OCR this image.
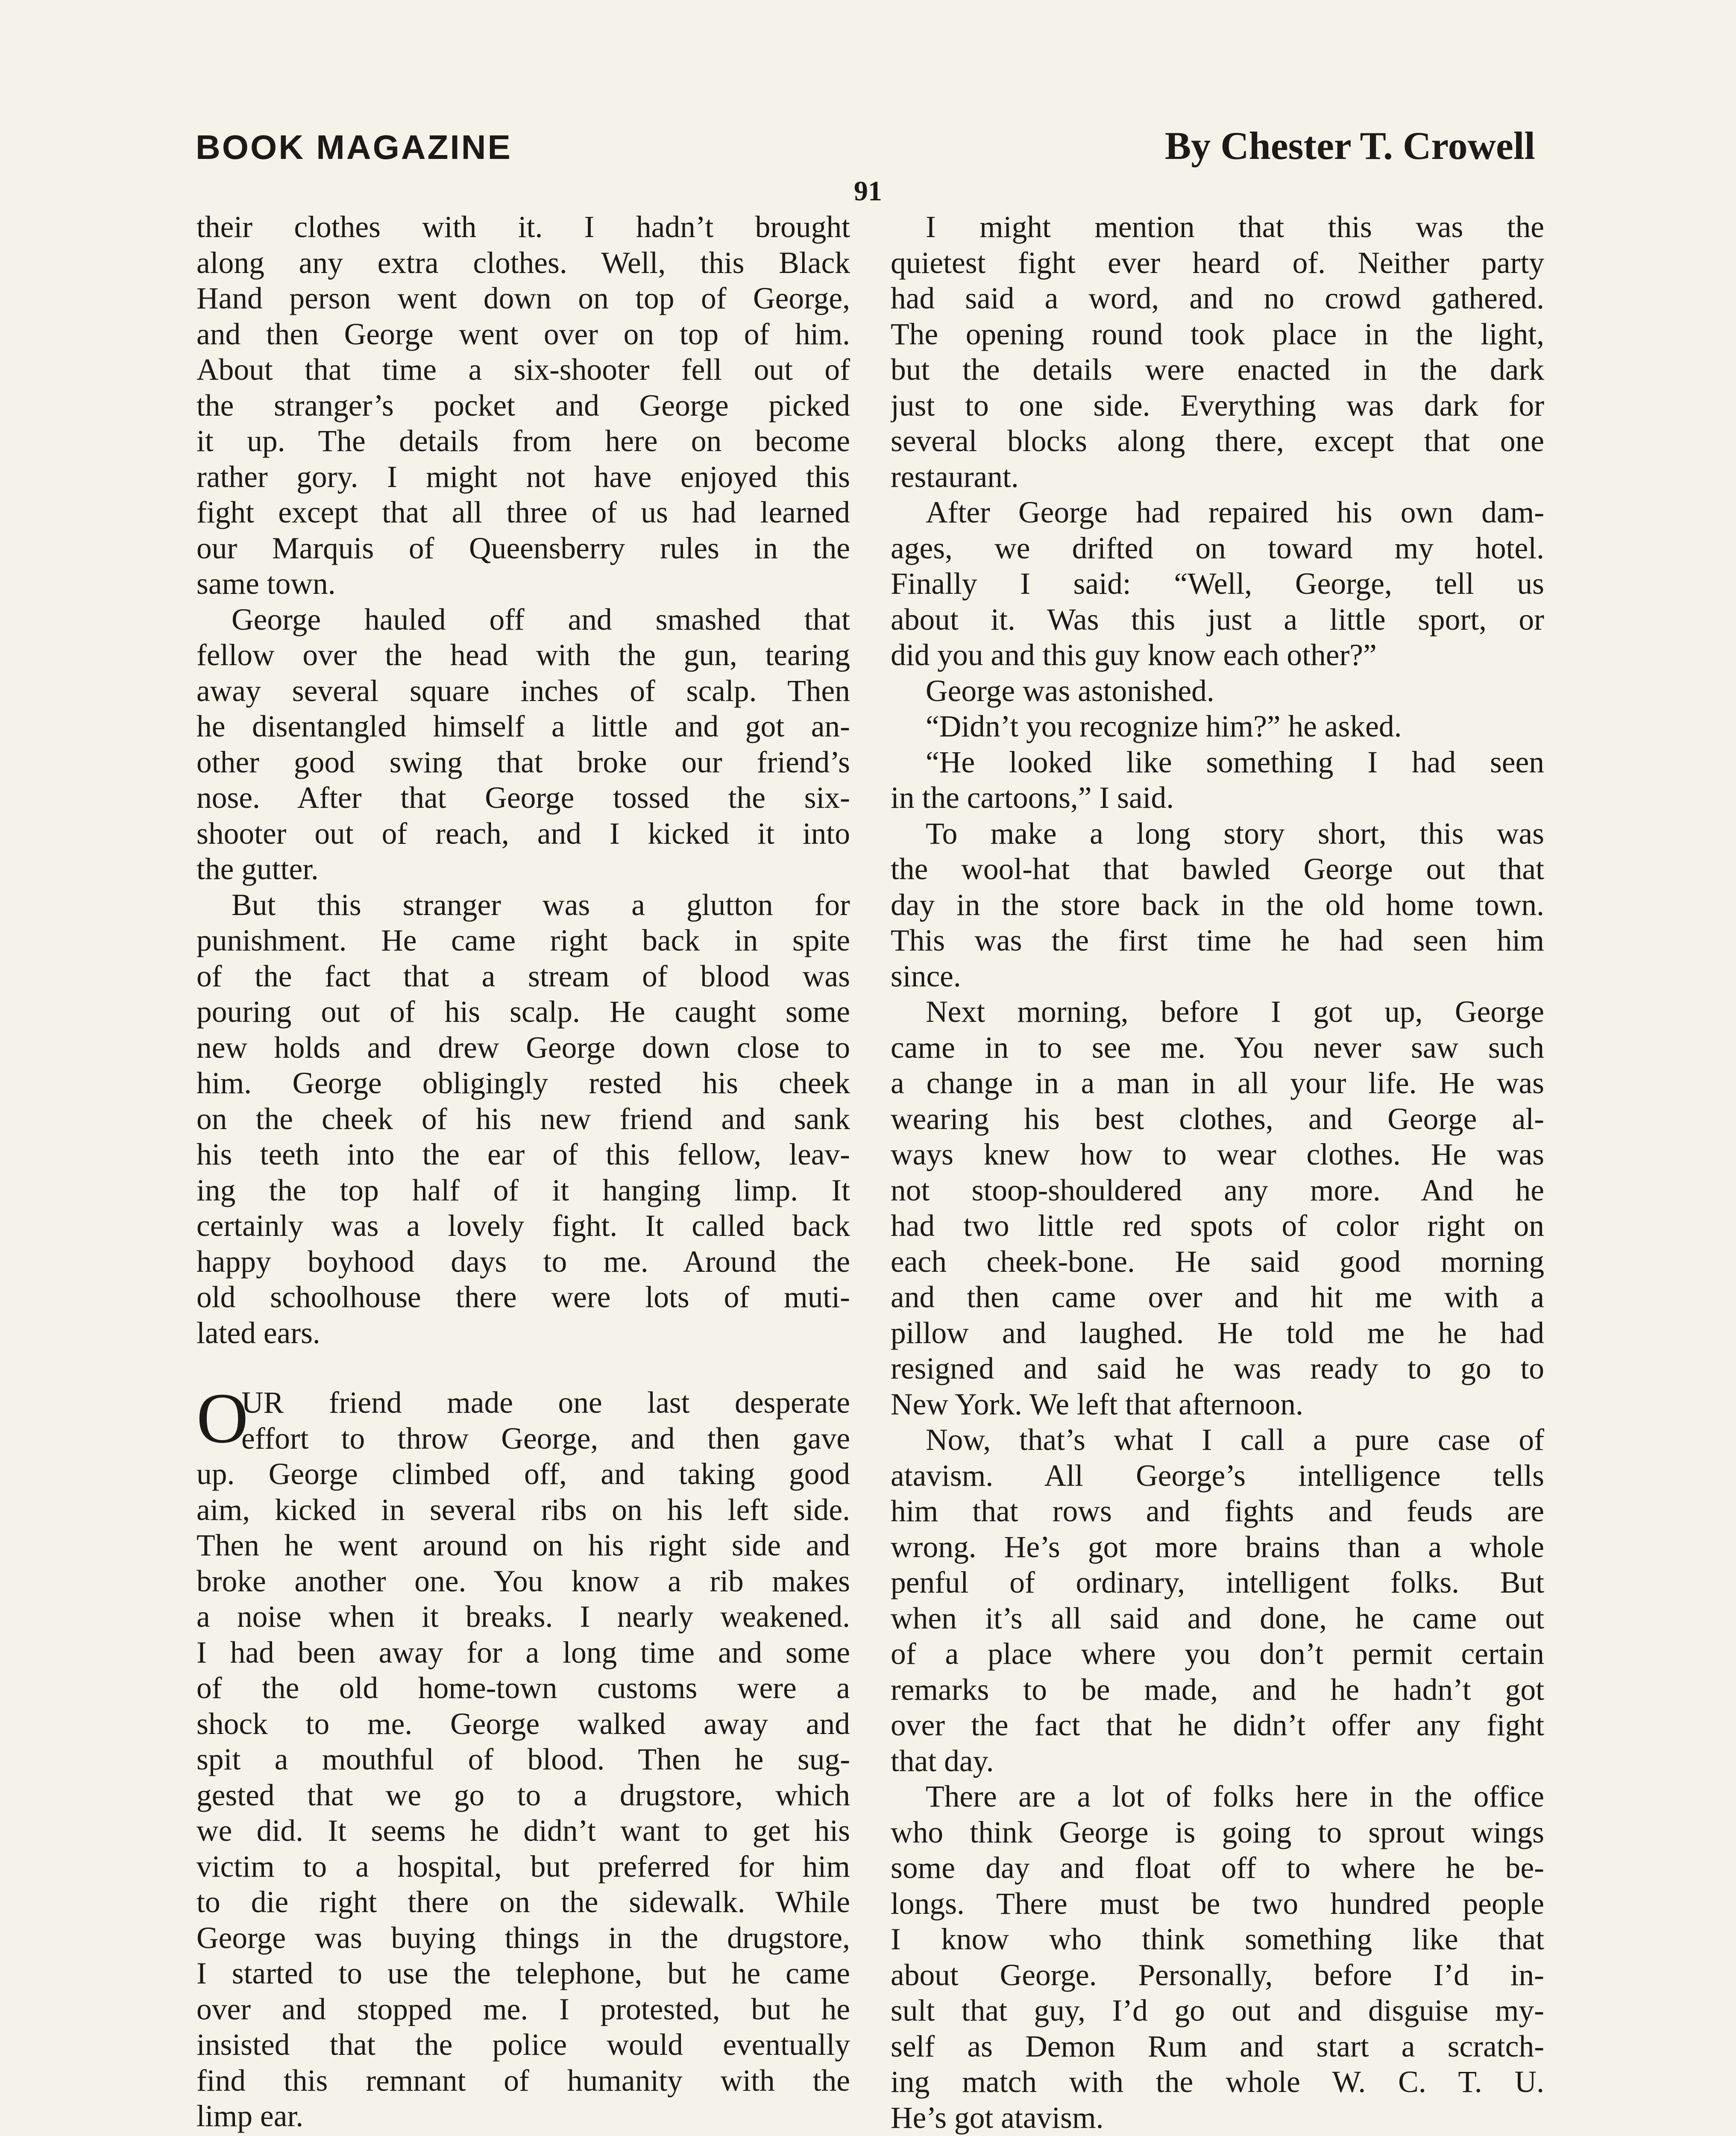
BOOK MAGAZINE	By Chester T. Crowell
91
their clothes with it. I hadn’t brought
along any extra clothes. Well, this Black
Hand person went down on top of George,
and then George went over on top of him.
About that time a six-shooter fell out of
the stranger’s pocket and George picked
it up. The details from here on become
rather gory. I might not have enjoyed this
fight except that all three of us had learned
our Marquis of Queensberry rules in the
same town.
George hauled off and smashed that
fellow over the head with the gun, tearing
away several square inches of scalp. Then
he disentangled himself a little and got an-
other good swing that broke our friend’s
nose. After that George tossed the six-
shooter out of reach, and I kicked it into
the gutter.
But this stranger was a glutton for
punishment. He came right back in spite
of the fact that a stream of blood was
pouring out of his scalp. He caught some
new holds and drew George down close to
him. George obligingly rested his cheek
on the cheek of his new friend and sank
his teeth into the ear of this fellow, leav-
ing the top half of it hanging limp. It
certainly was a lovely fight. It called back
happy boyhood days to me. Around the
old schoolhouse there were lots of muti-
lated ears.
O
UR friend made one last desperate
effort to throw George, and then gave
up. George climbed off, and taking good
aim, kicked in several ribs on his left side.
Then he went around on his right side and
broke another one. You know a rib makes
a noise when it breaks. I nearly weakened.
I had been away for a long time and some
of the old home-town customs were a
shock to me. George walked away and
spit a mouthful of blood. Then he sug-
gested that we go to a drugstore, which
we did. It seems he didn’t want to get his
victim to a hospital, but preferred for him
to die right there on the sidewalk. While
George was buying things in the drugstore,
I started to use the telephone, but he came
over and stopped me. I protested, but he
insisted that the police would eventually
find this remnant of humanity with the
limp ear.
I might mention that this was the
quietest fight ever heard of. Neither party
had said a word, and no crowd gathered.
The opening round took place in the light,
but the details were enacted in the dark
just to one side. Everything was dark for
several blocks along there, except that one
restaurant.
After George had repaired his own dam-
ages, we drifted on toward my hotel.
Finally I said: “Well, George, tell us
about it. Was this just a little sport, or
did you and this guy know each other?”
George was astonished.
“Didn’t you recognize him?” he asked.
“He looked like something I had seen
in the cartoons,” I said.
To make a long story short, this was
the wool-hat that bawled George out that
day in the store back in the old home town.
This was the first time he had seen him
since.
Next morning, before I got up, George
came in to see me. You never saw such
a change in a man in all your life. He was
wearing his best clothes, and George al-
ways knew how to wear clothes. He was
not stoop-shouldered any more. And he
had two little red spots of color right on
each cheek-bone. He said good morning
and then came over and hit me with a
pillow and laughed. He told me he had
resigned and said he was ready to go to
New York. We left that afternoon.
Now, that’s what I call a pure case of
atavism. All George’s intelligence tells
him that rows and fights and feuds are
wrong. He’s got more brains than a whole
penful of ordinary, intelligent folks. But
when it’s all said and done, he came out
of a place where you don’t permit certain
remarks to be made, and he hadn’t got
over the fact that he didn’t offer any fight
that day.
There are a lot of folks here in the office
who think George is going to sprout wings
some day and float off to where he be-
longs. There must be two hundred people
I know who think something like that
about George. Personally, before I’d in-
sult that guy, I’d go out and disguise my-
self as Demon Rum and start a scratch-
ing match with the whole W. C. T. U.
He’s got atavism.
